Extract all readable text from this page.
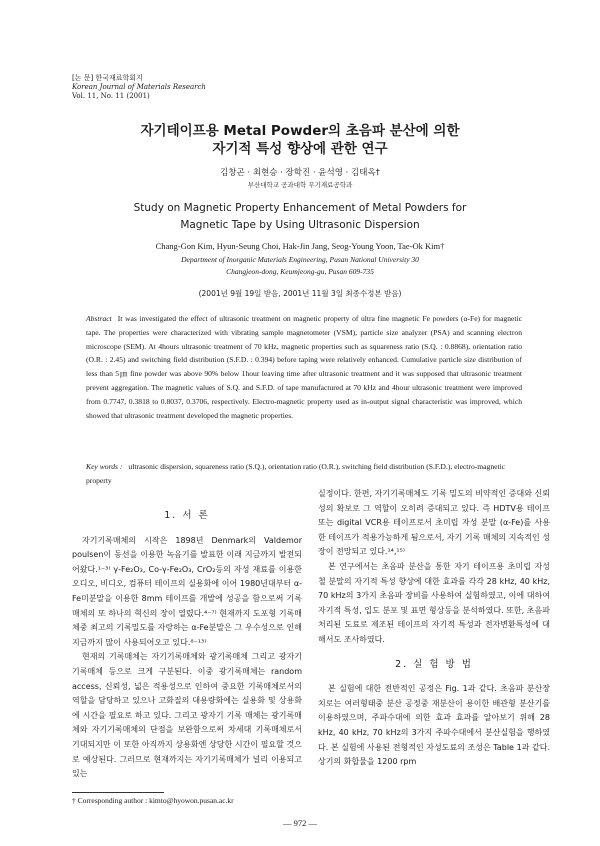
[논 문] 한국재료학회지
Korean Journal of Materials Research
Vol. 11, No. 11 (2001)
자기테이프용 Metal Powder의 초음파 분산에 의한
자기적 특성 향상에 관한 연구
김창곤 · 최현승 · 장학진 · 윤석영 · 김태옥†
부산대학교 공과대학 무기재료공학과
Study on Magnetic Property Enhancement of Metal Powders for
Magnetic Tape by Using Ultrasonic Dispersion
Chang-Gon Kim, Hyun-Seung Choi, Hak-Jin Jang, Seog-Young Yoon, Tae-Ok Kim†
Department of Inorganic Materials Engineering, Pusan National University 30
Changjeon-dong, Keumjeong-gu, Pusan 609-735
(2001년 9월 19일 받음, 2001년 11월 3일 최종수정본 받음)
Abstract It was investigated the effect of ultrasonic treatment on magnetic property of ultra fine magnetic Fe powders (α-Fe) for magnetic tape. The properties were characterized with vibrating sample magnetometer (VSM), particle size analyzer (PSA) and scanning electron microscope (SEM). At 4hours ultrasonic treatment of 70 kHz, magnetic properties such as squareness ratio (S.Q. : 0.8868), orientation ratio (O.R. : 2.45) and switching field distribution (S.F.D. : 0.394) before taping were relatively enhanced. Cumulative particle size distribution of less than 5㎛ fine powder was above 90% below 1hour leaving time after ultrasonic treatment and it was supposed that ultrasonic treatment prevent aggregation. The magnetic values of S.Q. and S.F.D. of tape manufactured at 70 kHz and 4hour ultrasonic treatment were improved from 0.7747, 0.3818 to 0.8037, 0.3706, respectively. Electro-magnetic property used as in-output signal characteristic was improved, which showed that ultrasonic treatment developed the magnetic properties.
Key words : ultrasonic dispersion, squareness ratio (S.Q.), orientation ratio (O.R.), switching field distribution (S.F.D.), electro-magnetic property
1. 서 론

자기기록매체의 시작은 1898년 Denmark의 Valdemor poulsen이 동선을 이용한 녹음기를 발표한 이래 지금까지 발전되어왔다.¹⁻³⁾ γ-Fe₂O₃, Co-γ-Fe₂O₃, CrO₂등의 자성 재료를 이용한 오디오, 비디오, 컴퓨터 테이프의 실용화에 이어 1980년대부터 α-Fe미분말을 이용한 8mm 테이프를 개발에 성공을 함으로써 기록매체의 또 하나의 혁신의 장이 열렸다.⁴⁻⁷⁾ 현재까지 도포형 기록매체중 최고의 기록밀도를 자랑하는 α-Fe분말은 그 우수성으로 인해 지금까지 많이 사용되어오고 있다.⁸⁻¹³⁾

현재의 기록매체는 자기기록매체와 광기록매체 그리고 광자기 기록매체 등으로 크게 구분된다. 이중 광기록매체는 random access, 신뢰성, 넓은 적용성으로 인하여 중요한 기록매체로서의 역할을 담당하고 있으나 고화질의 대용량화에는 실용화 및 상용화에 시간을 필요로 하고 있다. 그리고 광자기 기록 매체는 광기록매체와 자기기록매체의 단점을 보완함으로써 차세대 기록매체로서 기대되지만 이 또한 아직까지 상용화엔 상당한 시간이 필요할 것으로 예상된다. 그러므로 현재까지는 자기기록매체가 널리 이용되고 있는

실정이다. 한편, 자기기록매체도 기록 밀도의 비약적인 증대와 신뢰성의 확보로 그 역할이 오히려 증대되고 있다. 즉 HDTV용 테이프 또는 digital VCR용 테이프로서 초미립 자성 분말 (α-Fe)를 사용한 테이프가 적용가능하게 됨으로서, 자기 기록 매체의 지속적인 성장이 전망되고 있다.¹⁴,¹⁵⁾

본 연구에서는 초음파 분산을 통한 자기 테이프용 초미립 자성 철 분말의 자기적 특성 향상에 대한 효과를 각각 28 kHz, 40 kHz, 70 kHz의 3가지 초음파 장비를 사용하여 실험하였고, 이에 대하여 자기적 특성, 입도 분포 및 표면 형상등을 분석하였다. 또한, 초음파 처리된 도료로 제조된 테이프의 자기적 특성과 전자변환특성에 대해서도 조사하였다.

2. 실 험 방 법

본 실험에 대한 전반적인 공정은 Fig. 1과 같다. 초음파 분산장치로는 여러형태중 분산 공정중 재분산이 용이한 배관형 분산기를 이용하였으며, 주파수대에 의한 효과 효과를 알아보기 위해 28 kHz, 40 kHz, 70 kHz의 3가지 주파수대에서 분산실험을 행하였다. 본 실험에 사용된 전형적인 자성도료의 조성은 Table 1과 같다. 상기의 화합물을 1200 rpm

† Corresponding author : kimto@hyowon.pusan.ac.kr
— 972 —
